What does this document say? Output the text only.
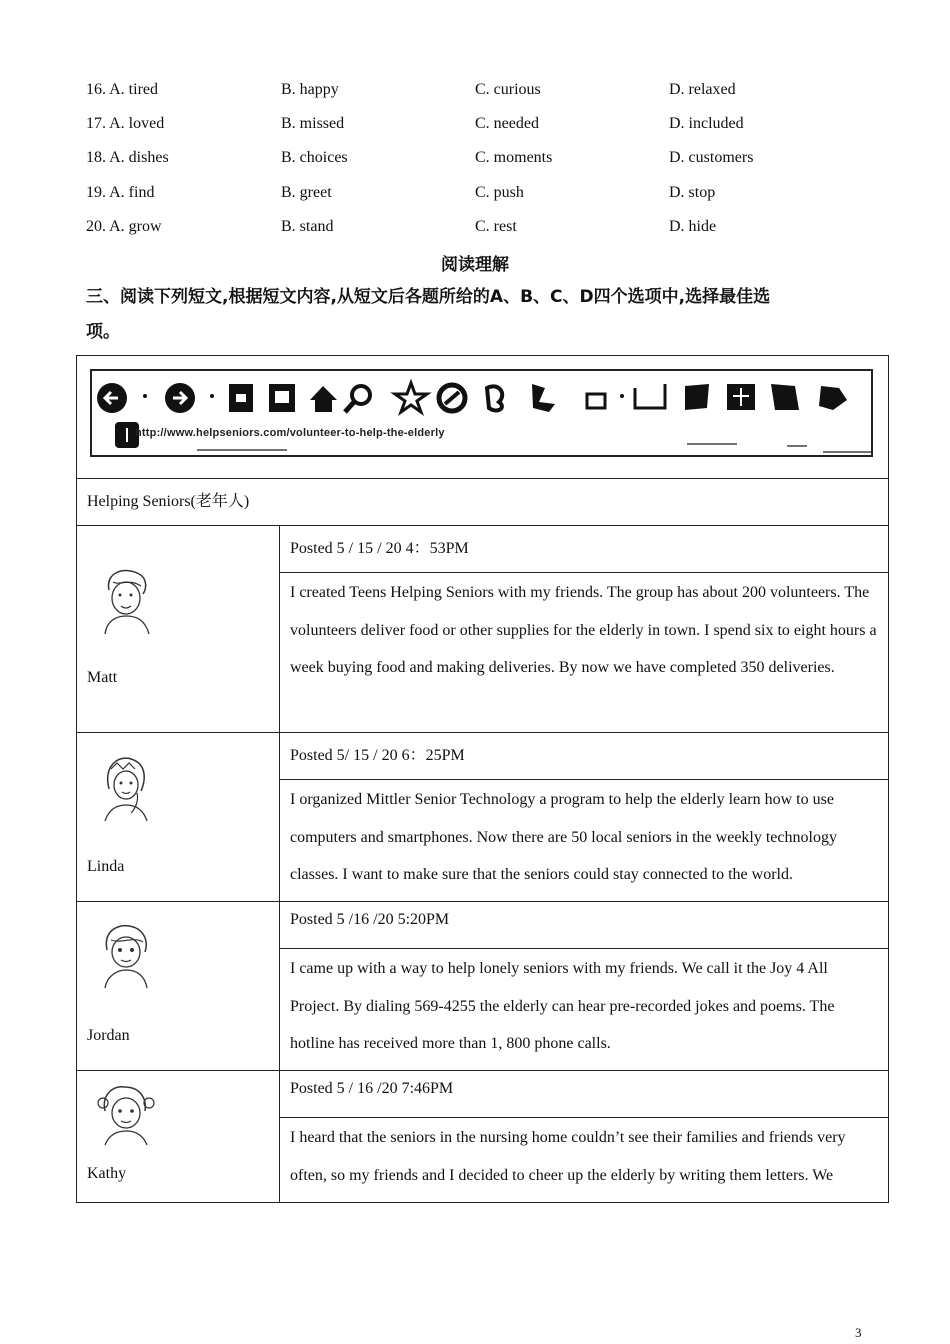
16. A. tired	B. happy	C. curious	D. relaxed
17. A. loved	B. missed	C. needed	D. included
18. A. dishes	B. choices	C. moments	D. customers
19. A. find	B. greet	C. push	D. stop
20. A. grow	B. stand	C. rest	D. hide
阅读理解
三、阅读下列短文,根据短文内容,从短文后各题所给的A、B、C、D四个选项中,选择最佳选
项。
http://www.helpseniors.com/volunteer-to-help-the-elderly	

Helping Seniors(老年人)	

Matt	Posted 5 / 15 / 20 4：53PM

	I created Teens Helping Seniors with my friends. The group has about 200 volunteers. The volunteers deliver food or other supplies for the elderly in town. I spend six to eight hours a week buying food and making deliveries. By now we have completed 350 deliveries.

Linda	Posted 5/ 15 / 20 6：25PM

	I organized Mittler Senior Technology a program to help the elderly learn how to use computers and smartphones. Now there are 50 local seniors in the weekly technology classes. I want to make sure that the seniors could stay connected to the world.

Jordan	Posted 5 /16 /20 5:20PM

	I came up with a way to help lonely seniors with my friends. We call it the Joy 4 All Project. By dialing 569-4255 the elderly can hear pre-recorded jokes and poems. The hotline has received more than 1, 800 phone calls.

Kathy	Posted 5 / 16 /20 7:46PM

	I heard that the seniors in the nursing home couldn’t see their families and friends very often, so my friends and I decided to cheer up the elderly by writing them letters. We
3
